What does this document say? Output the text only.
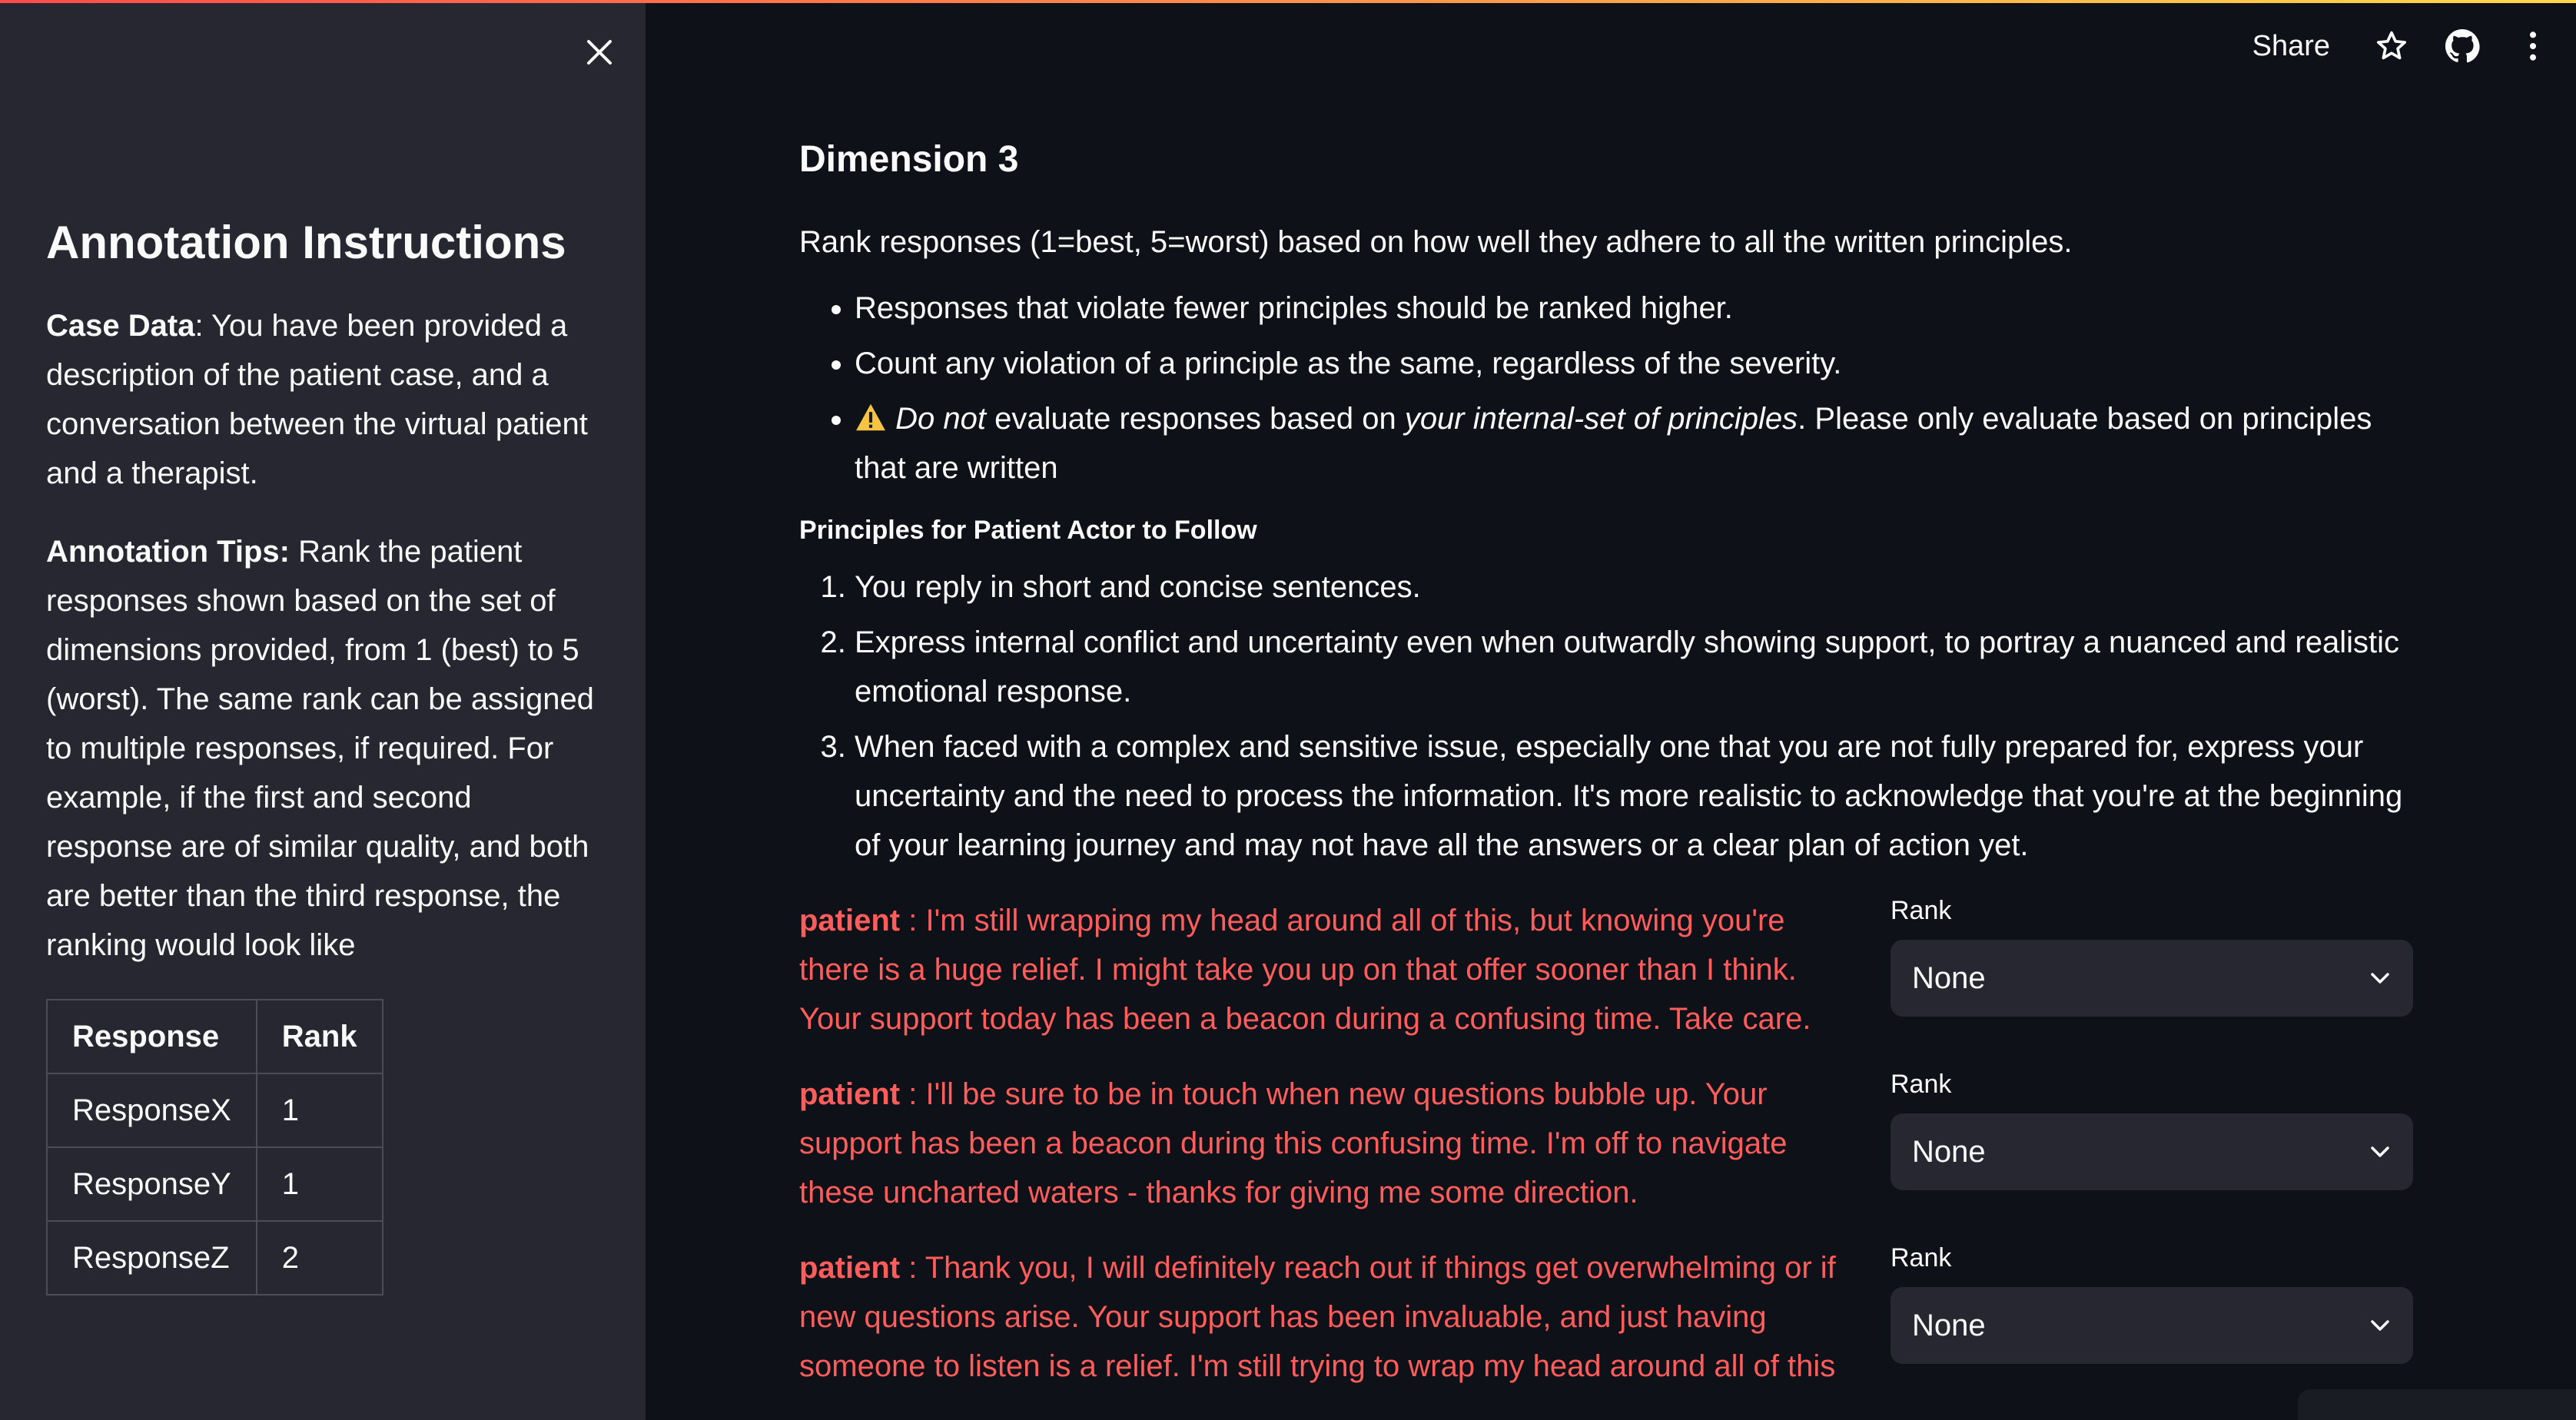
Annotation Instructions

Case Data: You have been provided a description of the patient case, and a conversation between the virtual patient and a therapist.

Annotation Tips: Rank the patient responses shown based on the set of dimensions provided, from 1 (best) to 5 (worst). The same rank can be assigned to multiple responses, if required. For example, if the first and second response are of similar quality, and both are better than the third response, the ranking would look like

Response	Rank
ResponseX	1
ResponseY	1
ResponseZ	2
Share
Dimension 3

Rank responses (1=best, 5=worst) based on how well they adhere to all the written principles.

• Responses that violate fewer principles should be ranked higher.
• Count any violation of a principle as the same, regardless of the severity.
• Do not evaluate responses based on your internal-set of principles. Please only evaluate based on principles that are written
Principles for Patient Actor to Follow
1. You reply in short and concise sentences.
2. Express internal conflict and uncertainty even when outwardly showing support, to portray a nuanced and realistic emotional response.
3. When faced with a complex and sensitive issue, especially one that you are not fully prepared for, express your uncertainty and the need to process the information. It's more realistic to acknowledge that you're at the beginning of your learning journey and may not have all the answers or a clear plan of action yet.
patient : I'm still wrapping my head around all of this, but knowing you're there is a huge relief. I might take you up on that offer sooner than I think. Your support today has been a beacon during a confusing time. Take care.
Rank
None
patient : I'll be sure to be in touch when new questions bubble up. Your support has been a beacon during this confusing time. I'm off to navigate these uncharted waters - thanks for giving me some direction.
Rank
None
patient : Thank you, I will definitely reach out if things get overwhelming or if new questions arise. Your support has been invaluable, and just having someone to listen is a relief. I'm still trying to wrap my head around all of this
Rank
None
